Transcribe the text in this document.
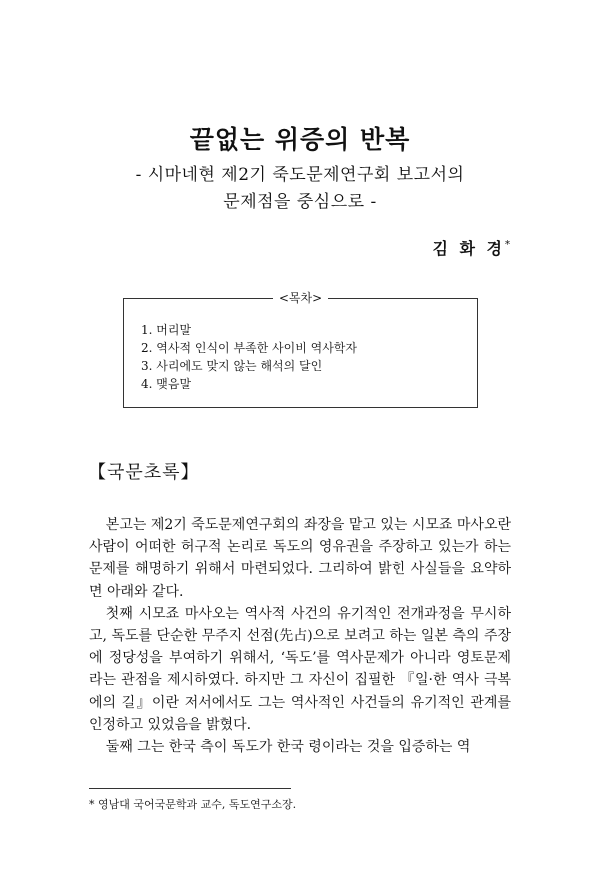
끝없는 위증의 반복
- 시마네현 제2기 죽도문제연구회 보고서의
문제점을 중심으로 -
김 화 경*
<목차>
1. 머리말
2. 역사적 인식이 부족한 사이비 역사학자
3. 사리에도 맞지 않는 해석의 달인
4. 맺음말
【국문초록】

본고는 제2기 죽도문제연구회의 좌장을 맡고 있는 시모죠 마사오란 사람이 어떠한 허구적 논리로 독도의 영유권을 주장하고 있는가 하는 문제를 해명하기 위해서 마련되었다. 그리하여 밝힌 사실들을 요약하면 아래와 같다.

첫째 시모죠 마사오는 역사적 사건의 유기적인 전개과정을 무시하고, 독도를 단순한 무주지 선점(先占)으로 보려고 하는 일본 측의 주장에 정당성을 부여하기 위해서, ‘독도’를 역사문제가 아니라 영토문제라는 관점을 제시하였다. 하지만 그 자신이 집필한 『일·한 역사 극복에의 길』이란 저서에서도 그는 역사적인 사건들의 유기적인 관계를 인정하고 있었음을 밝혔다.

둘째 그는 한국 측이 독도가 한국 령이라는 것을 입증하는 역

* 영남대 국어국문학과 교수, 독도연구소장.
